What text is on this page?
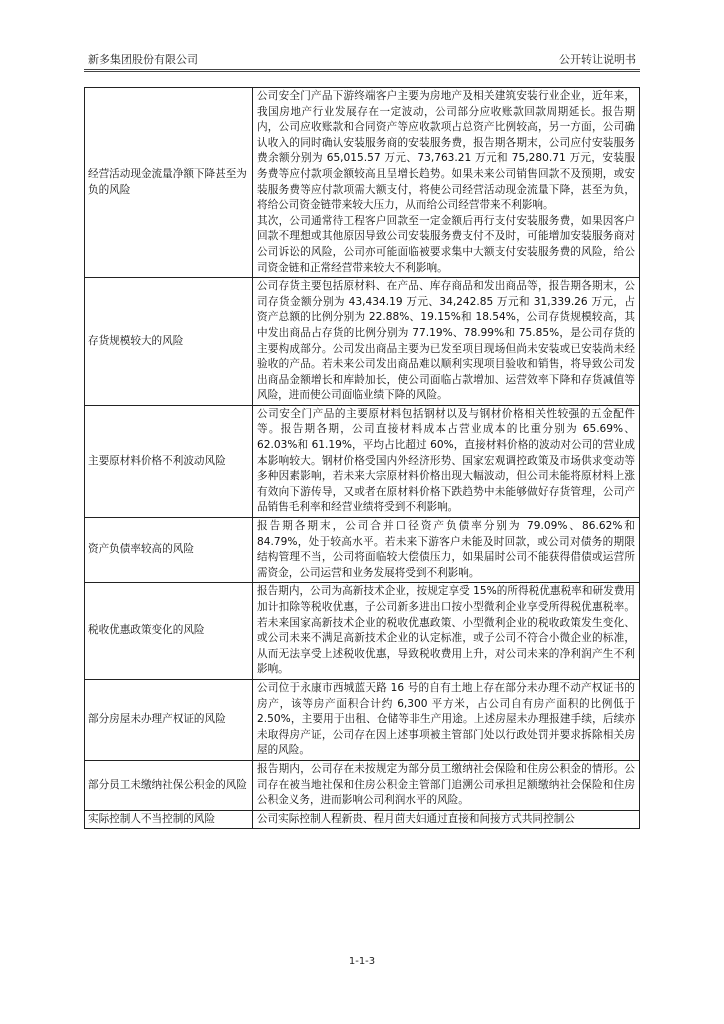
新多集团股份有限公司	公开转让说明书
经营活动现金流量净额下降甚至为负的风险	公司安全门产品下游终端客户主要为房地产及相关建筑安装行业企业，近年来，我国房地产行业发展存在一定波动，公司部分应收账款回款周期延长。报告期内，公司应收账款和合同资产等应收款项占总资产比例较高，另一方面，公司确认收入的同时确认安装服务商的安装服务费，报告期各期末，公司应付安装服务费余额分别为 65,015.57 万元、73,763.21 万元和 75,280.71 万元，安装服务费等应付款项金额较高且呈增长趋势。如果未来公司销售回款不及预期，或安装服务费等应付款项需大额支付，将使公司经营活动现金流量下降，甚至为负，将给公司资金链带来较大压力，从而给公司经营带来不利影响。

其次，公司通常待工程客户回款至一定金额后再行支付安装服务费，如果因客户回款不理想或其他原因导致公司安装服务费支付不及时，可能增加安装服务商对公司诉讼的风险，公司亦可能面临被要求集中大额支付安装服务费的风险，给公司资金链和正常经营带来较大不利影响。

存货规模较大的风险	公司存货主要包括原材料、在产品、库存商品和发出商品等，报告期各期末，公司存货金额分别为 43,434.19 万元、34,242.85 万元和 31,339.26 万元，占资产总额的比例分别为 22.88%、19.15%和 18.54%，公司存货规模较高，其中发出商品占存货的比例分别为 77.19%、78.99%和 75.85%，是公司存货的主要构成部分。公司发出商品主要为已发至项目现场但尚未安装或已安装尚未经验收的产品。若未来公司发出商品难以顺利实现项目验收和销售，将导致公司发出商品金额增长和库龄加长，使公司面临占款增加、运营效率下降和存货减值等风险，进而使公司面临业绩下降的风险。

主要原材料价格不利波动风险	公司安全门产品的主要原材料包括钢材以及与钢材价格相关性较强的五金配件等。报告期各期，公司直接材料成本占营业成本的比重分别为 65.69%、62.03%和 61.19%，平均占比超过 60%，直接材料价格的波动对公司的营业成本影响较大。钢材价格受国内外经济形势、国家宏观调控政策及市场供求变动等多种因素影响，若未来大宗原材料价格出现大幅波动，但公司未能将原材料上涨有效向下游传导，又或者在原材料价格下跌趋势中未能够做好存货管理，公司产品销售毛利率和经营业绩将受到不利影响。

资产负债率较高的风险	报告期各期末，公司合并口径资产负债率分别为 79.09%、86.62%和 84.79%，处于较高水平。若未来下游客户未能及时回款，或公司对债务的期限结构管理不当，公司将面临较大偿债压力，如果届时公司不能获得借债或运营所需资金，公司运营和业务发展将受到不利影响。

税收优惠政策变化的风险	报告期内，公司为高新技术企业，按规定享受 15%的所得税优惠税率和研发费用加计扣除等税收优惠，子公司新多进出口按小型微利企业享受所得税优惠税率。若未来国家高新技术企业的税收优惠政策、小型微利企业的税收政策发生变化、或公司未来不满足高新技术企业的认定标准，或子公司不符合小微企业的标准，从而无法享受上述税收优惠，导致税收费用上升，对公司未来的净利润产生不利影响。

部分房屋未办理产权证的风险	公司位于永康市西城蓝天路 16 号的自有土地上存在部分未办理不动产权证书的房产，该等房产面积合计约 6,300 平方米，占公司自有房产面积的比例低于 2.50%，主要用于出租、仓储等非生产用途。上述房屋未办理报建手续，后续亦未取得房产证，公司存在因上述事项被主管部门处以行政处罚并要求拆除相关房屋的风险。

部分员工未缴纳社保公积金的风险	报告期内，公司存在未按规定为部分员工缴纳社会保险和住房公积金的情形。公司存在被当地社保和住房公积金主管部门追溯公司承担足额缴纳社会保险和住房公积金义务，进而影响公司利润水平的风险。

实际控制人不当控制的风险	公司实际控制人程新贵、程月茴夫妇通过直接和间接方式共同控制公

1-1-3
